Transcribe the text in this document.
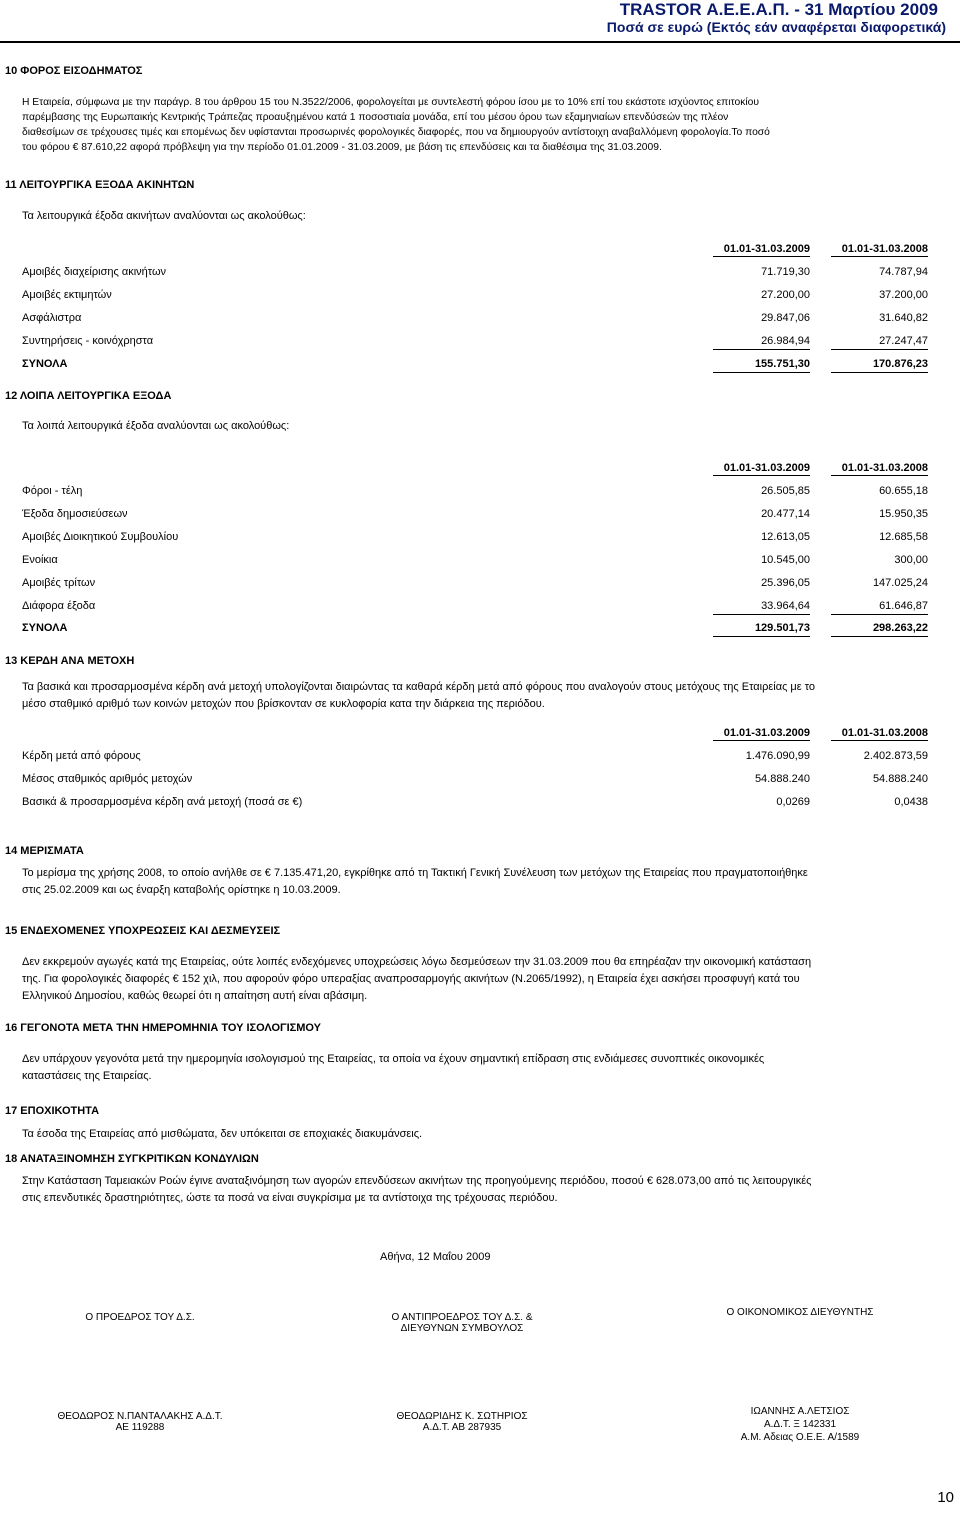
TRASTOR Α.Ε.Ε.Α.Π. - 31 Μαρτίου 2009
Ποσά σε ευρώ (Εκτός εάν αναφέρεται διαφορετικά)
10 ΦΟΡΟΣ ΕΙΣΟΔΗΜΑΤΟΣ
Η Εταιρεία, σύμφωνα με την παράγρ. 8 του άρθρου 15 του Ν.3522/2006, φορολογείται με συντελεστή φόρου ίσου με το 10% επί του εκάστοτε ισχύοντος επιτοκίου
παρέμβασης της Ευρωπαικής Κεντρικής Τράπεζας προαυξημένου κατά 1 ποσοστιαία μονάδα, επί του μέσου όρου των εξαμηνιαίων επενδύσεών της πλέον
διαθεσίμων σε τρέχουσες τιμές και επομένως δεν υφίστανται προσωρινές φορολογικές διαφορές, που να δημιουργούν αντίστοιχη αναβαλλόμενη φορολογία.Το ποσό
του φόρου € 87.610,22 αφορά πρόβλεψη για την περίοδο 01.01.2009 - 31.03.2009, με βάση τις επενδύσεις και τα διαθέσιμα της 31.03.2009.
11 ΛΕΙΤΟΥΡΓΙΚΑ ΕΞΟΔΑ ΑΚΙΝΗΤΩΝ
Τα λειτουργικά έξοδα ακινήτων αναλύονται ως ακολούθως:
01.01-31.03.2009	01.01-31.03.2008
Αμοιβές διαχείρισης ακινήτων	71.719,30	74.787,94
Αμοιβές εκτιμητών	27.200,00	37.200,00
Ασφάλιστρα	29.847,06	31.640,82
Συντηρήσεις - κοινόχρηστα	26.984,94	27.247,47
ΣΥΝΟΛΑ	155.751,30	170.876,23
12 ΛΟΙΠΑ ΛΕΙΤΟΥΡΓΙΚΑ ΕΞΟΔΑ
Τα λοιπά λειτουργικά έξοδα αναλύονται ως ακολούθως:
01.01-31.03.2009	01.01-31.03.2008
Φόροι - τέλη	26.505,85	60.655,18
Έξοδα δημοσιεύσεων	20.477,14	15.950,35
Αμοιβές Διοικητικού Συμβουλίου	12.613,05	12.685,58
Ενοίκια	10.545,00	300,00
Αμοιβές τρίτων	25.396,05	147.025,24
Διάφορα έξοδα	33.964,64	61.646,87
ΣΥΝΟΛΑ	129.501,73	298.263,22
13 ΚΕΡΔΗ ΑΝΑ ΜΕΤΟΧΗ
Τα βασικά και προσαρμοσμένα κέρδη ανά μετοχή υπολογίζονται διαιρώντας τα καθαρά κέρδη μετά από φόρους που αναλογούν στους μετόχους της Εταιρείας με το
μέσο σταθμικό αριθμό των κοινών μετοχών που βρίσκονταν σε κυκλοφορία κατα την διάρκεια της περιόδου.
01.01-31.03.2009	01.01-31.03.2008
Κέρδη μετά από φόρους	1.476.090,99	2.402.873,59
Μέσος σταθμικός αριθμός μετοχών	54.888.240	54.888.240
Βασικά & προσαρμοσμένα κέρδη ανά μετοχή (ποσά σε €)	0,0269	0,0438
14 ΜΕΡΙΣΜΑΤΑ
Το μερίσμα της χρήσης 2008, το οποίο ανήλθε σε € 7.135.471,20, εγκρίθηκε από τη Τακτική Γενική Συνέλευση των μετόχων της Εταιρείας που πραγματοποιήθηκε
στις 25.02.2009 και ως έναρξη καταβολής ορίστηκε η 10.03.2009.
15 ΕΝΔΕΧΟΜΕΝΕΣ ΥΠΟΧΡΕΩΣΕΙΣ ΚΑΙ ΔΕΣΜΕΥΣΕΙΣ
Δεν εκκρεμούν αγωγές κατά της Εταιρείας, ούτε λοιπές ενδεχόμενες υποχρεώσεις λόγω δεσμεύσεων την 31.03.2009 που θα επηρέαζαν την οικονομική κατάσταση
της. Για φορολογικές διαφορές € 152 χιλ, που αφορούν φόρο υπεραξίας αναπροσαρμογής ακινήτων (Ν.2065/1992), η Εταιρεία έχει ασκήσει προσφυγή κατά του
Ελληνικού Δημοσίου, καθώς θεωρεί ότι η απαίτηση αυτή είναι αβάσιμη.
16 ΓΕΓΟΝΟΤΑ ΜΕΤΑ ΤΗΝ ΗΜΕΡΟΜΗΝΙΑ ΤΟΥ ΙΣΟΛΟΓΙΣΜΟΥ
Δεν υπάρχουν γεγονότα μετά την ημερομηνία ισολογισμού της Εταιρείας, τα οποία να έχουν σημαντική επίδραση στις ενδιάμεσες συνοπτικές οικονομικές
καταστάσεις της Εταιρείας.
17 ΕΠΟΧΙΚΟΤΗΤΑ
Τα έσοδα της Εταιρείας από μισθώματα, δεν υπόκειται σε εποχιακές διακυμάνσεις.
18 ΑΝΑΤΑΞΙΝΟΜΗΣΗ ΣΥΓΚΡΙΤΙΚΩΝ ΚΟΝΔΥΛΙΩΝ
Στην Κατάσταση Ταμειακών Ροών έγινε αναταξινόμηση των αγορών επενδύσεων ακινήτων της προηγούμενης περιόδου, ποσού € 628.073,00 από τις λειτουργικές
στις επενδυτικές δραστηριότητες, ώστε τα ποσά να είναι συγκρίσιμα με τα αντίστοιχα της τρέχουσας περιόδου.
Αθήνα, 12 Μαΐου 2009
Ο ΠΡΟΕΔΡΟΣ ΤΟΥ Δ.Σ.
ΘΕΟΔΩΡΟΣ Ν.ΠΑΝΤΑΛΑΚΗΣ Α.Δ.Τ.
ΑΕ 119288
Ο ΑΝΤΙΠΡΟΕΔΡΟΣ ΤΟΥ Δ.Σ. &
ΔΙΕΥΘΥΝΩΝ ΣΥΜΒΟΥΛΟΣ
ΘΕΟΔΩΡΙΔΗΣ Κ. ΣΩΤΗΡΙΟΣ
Α.Δ.Τ. ΑΒ 287935
Ο ΟΙΚΟΝΟΜΙΚΟΣ ΔΙΕΥΘΥΝΤΗΣ
ΙΩΑΝΝΗΣ Α.ΛΕΤΣΙΟΣ
Α.Δ.Τ. Ξ 142331
Α.Μ. Αδειας Ο.Ε.Ε. Α/1589
10
